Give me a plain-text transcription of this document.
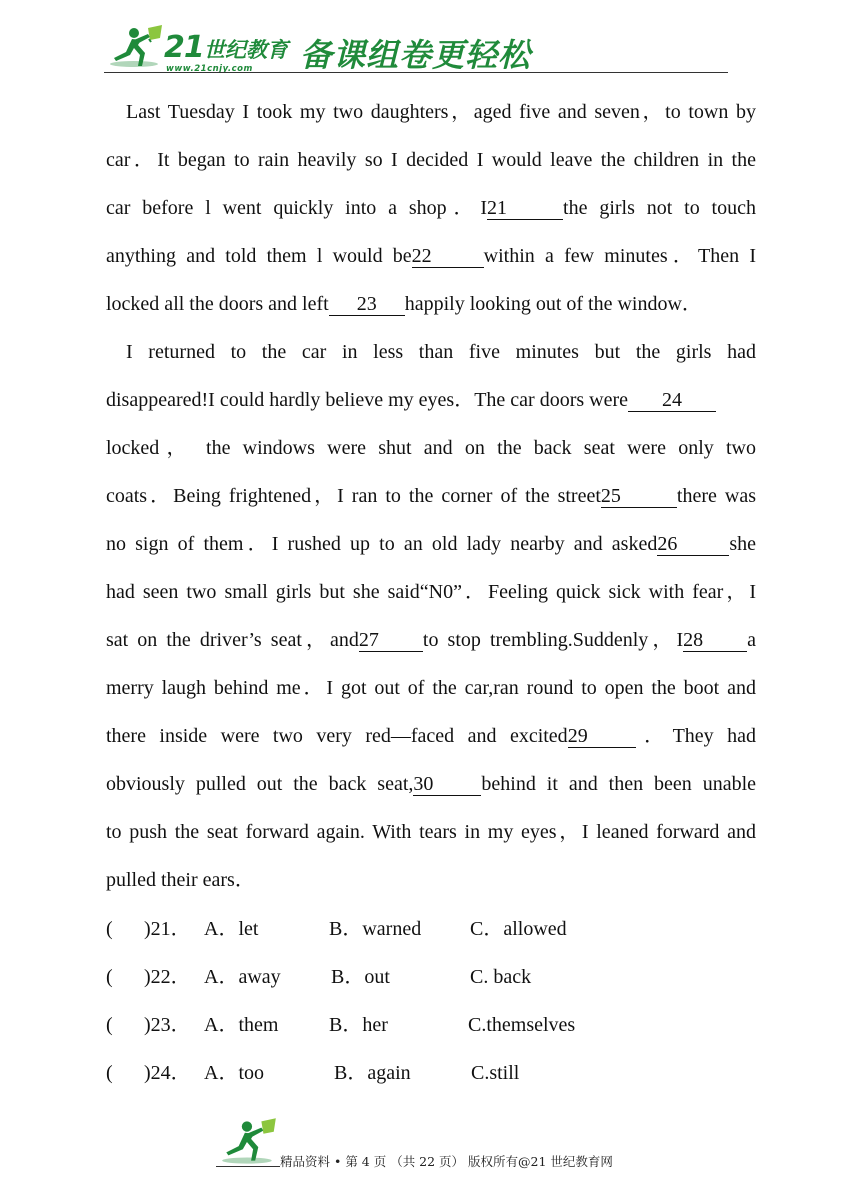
21 世纪教育
www.21cnjy.com 备课组卷更轻松
Last Tuesday I took my two daughters，aged five and seven，to town by
car．It began to rain heavily so I decided I would leave the children in the
car before l went quickly into a shop．I21	the girls not to touch
anything and told them l would be22	within a few minutes．Then I
locked all the doors and left 23 happily looking out of the window．
I returned to the car in less than five minutes but the girls had
disappeared!I could hardly believe my eyes．The car doors were 24
locked， the windows were shut and on the back seat were only two
coats．Being frightened，I ran to the corner of the street25	there was
no sign of them．I rushed up to an old lady nearby and asked26	she
had seen two small girls but she said“N0”．Feeling quick sick with fear，I
sat on the driver’s seat，and27 to stop trembling.Suddenly，I28 a
merry laugh behind me．I got out of the car,ran round to open the boot and
there inside were two very red—faced and excited29 ．They had
obviously pulled out the back seat,30 behind it and then been unable
to push the seat forward again. With tears in my eyes，I leaned forward and
pulled their ears．
( )21． A．let	B．warned C．allowed
( )22． A．away	B．out	C. back
( )23． A．them	B．her	C.themselves
( )24． A．too	B．again	C.still
精品资料 • 第 4 页 （共 22 页） 版权所有@21 世纪教育网
